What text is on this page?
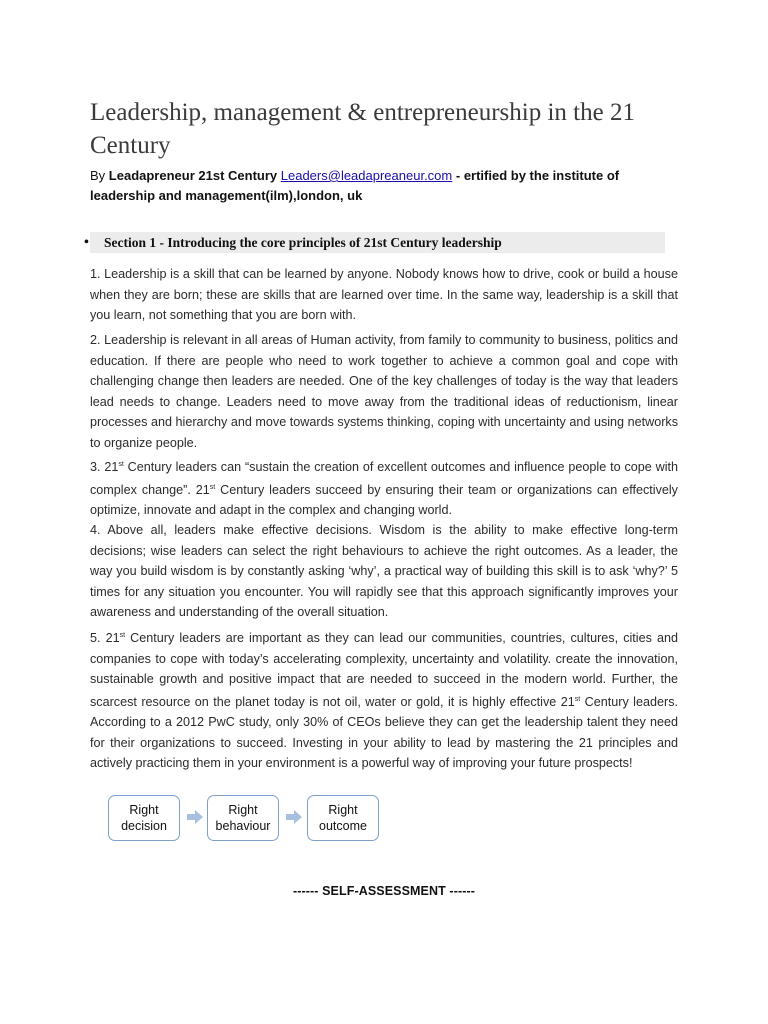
Leadership, management & entrepreneurship in the 21 Century
By Leadapreneur 21st Century Leaders@leadapreaneur.com - ertified by the institute of leadership and management(ilm),london, uk
• Section 1 - Introducing the core principles of 21st Century leadership

1. Leadership is a skill that can be learned by anyone. Nobody knows how to drive, cook or build a house when they are born; these are skills that are learned over time. In the same way, leadership is a skill that you learn, not something that you are born with.

2. Leadership is relevant in all areas of Human activity, from family to community to business, politics and education. If there are people who need to work together to achieve a common goal and cope with challenging change then leaders are needed. One of the key challenges of today is the way that leaders lead needs to change. Leaders need to move away from the traditional ideas of reductionism, linear processes and hierarchy and move towards systems thinking, coping with uncertainty and using networks to organize people.

3. 21st Century leaders can “sustain the creation of excellent outcomes and influence people to cope with complex change”. 21st Century leaders succeed by ensuring their team or organizations can effectively optimize, innovate and adapt in the complex and changing world.

4. Above all, leaders make effective decisions. Wisdom is the ability to make effective long-term decisions; wise leaders can select the right behaviours to achieve the right outcomes. As a leader, the way you build wisdom is by constantly asking ‘why’, a practical way of building this skill is to ask ‘why?’ 5 times for any situation you encounter. You will rapidly see that this approach significantly improves your awareness and understanding of the overall situation.

5. 21st Century leaders are important as they can lead our communities, countries, cultures, cities and companies to cope with today’s accelerating complexity, uncertainty and volatility. create the innovation, sustainable growth and positive impact that are needed to succeed in the modern world. Further, the scarcest resource on the planet today is not oil, water or gold, it is highly effective 21st Century leaders. According to a 2012 PwC study, only 30% of CEOs believe they can get the leadership talent they need for their organizations to succeed. Investing in your ability to lead by mastering the 21 principles and actively practicing them in your environment is a powerful way of improving your future prospects!

Right
decision
Right
behaviour
Right
outcome
------ SELF-ASSESSMENT ------
